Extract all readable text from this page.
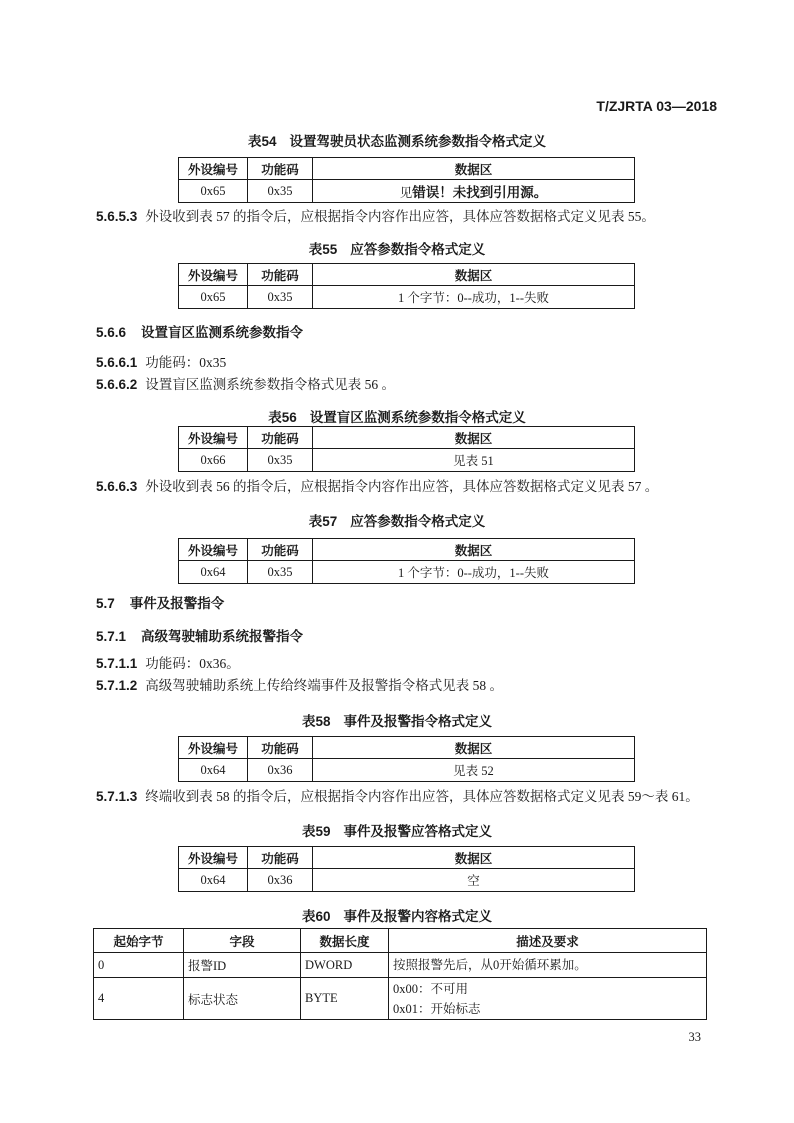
T/ZJRTA 03—2018
表54 设置驾驶员状态监测系统参数指令格式定义
外设编号	功能码	数据区
0x65	0x35	见错误！未找到引用源。
5.6.5.3 外设收到表 57 的指令后，应根据指令内容作出应答，具体应答数据格式定义见表 55。
表55 应答参数指令格式定义
外设编号	功能码	数据区
0x65	0x35	1 个字节：0--成功，1--失败
5.6.6 设置盲区监测系统参数指令
5.6.6.1 功能码：0x35
5.6.6.2 设置盲区监测系统参数指令格式见表 56 。
表56 设置盲区监测系统参数指令格式定义
外设编号	功能码	数据区
0x66	0x35	见表 51
5.6.6.3 外设收到表 56 的指令后，应根据指令内容作出应答，具体应答数据格式定义见表 57 。
表57 应答参数指令格式定义
外设编号	功能码	数据区
0x64	0x35	1 个字节：0--成功，1--失败
5.7 事件及报警指令
5.7.1 高级驾驶辅助系统报警指令
5.7.1.1 功能码：0x36。
5.7.1.2 高级驾驶辅助系统上传给终端事件及报警指令格式见表 58 。
表58 事件及报警指令格式定义
外设编号	功能码	数据区
0x64	0x36	见表 52
5.7.1.3 终端收到表 58 的指令后，应根据指令内容作出应答，具体应答数据格式定义见表 59～表 61。
表59 事件及报警应答格式定义
外设编号	功能码	数据区
0x64	0x36	空
表60 事件及报警内容格式定义
起始字节	字段	数据长度	描述及要求
0	报警ID	DWORD	按照报警先后，从0开始循环累加。

4	标志状态	BYTE	0x00：不可用
0x01：开始标志
33
